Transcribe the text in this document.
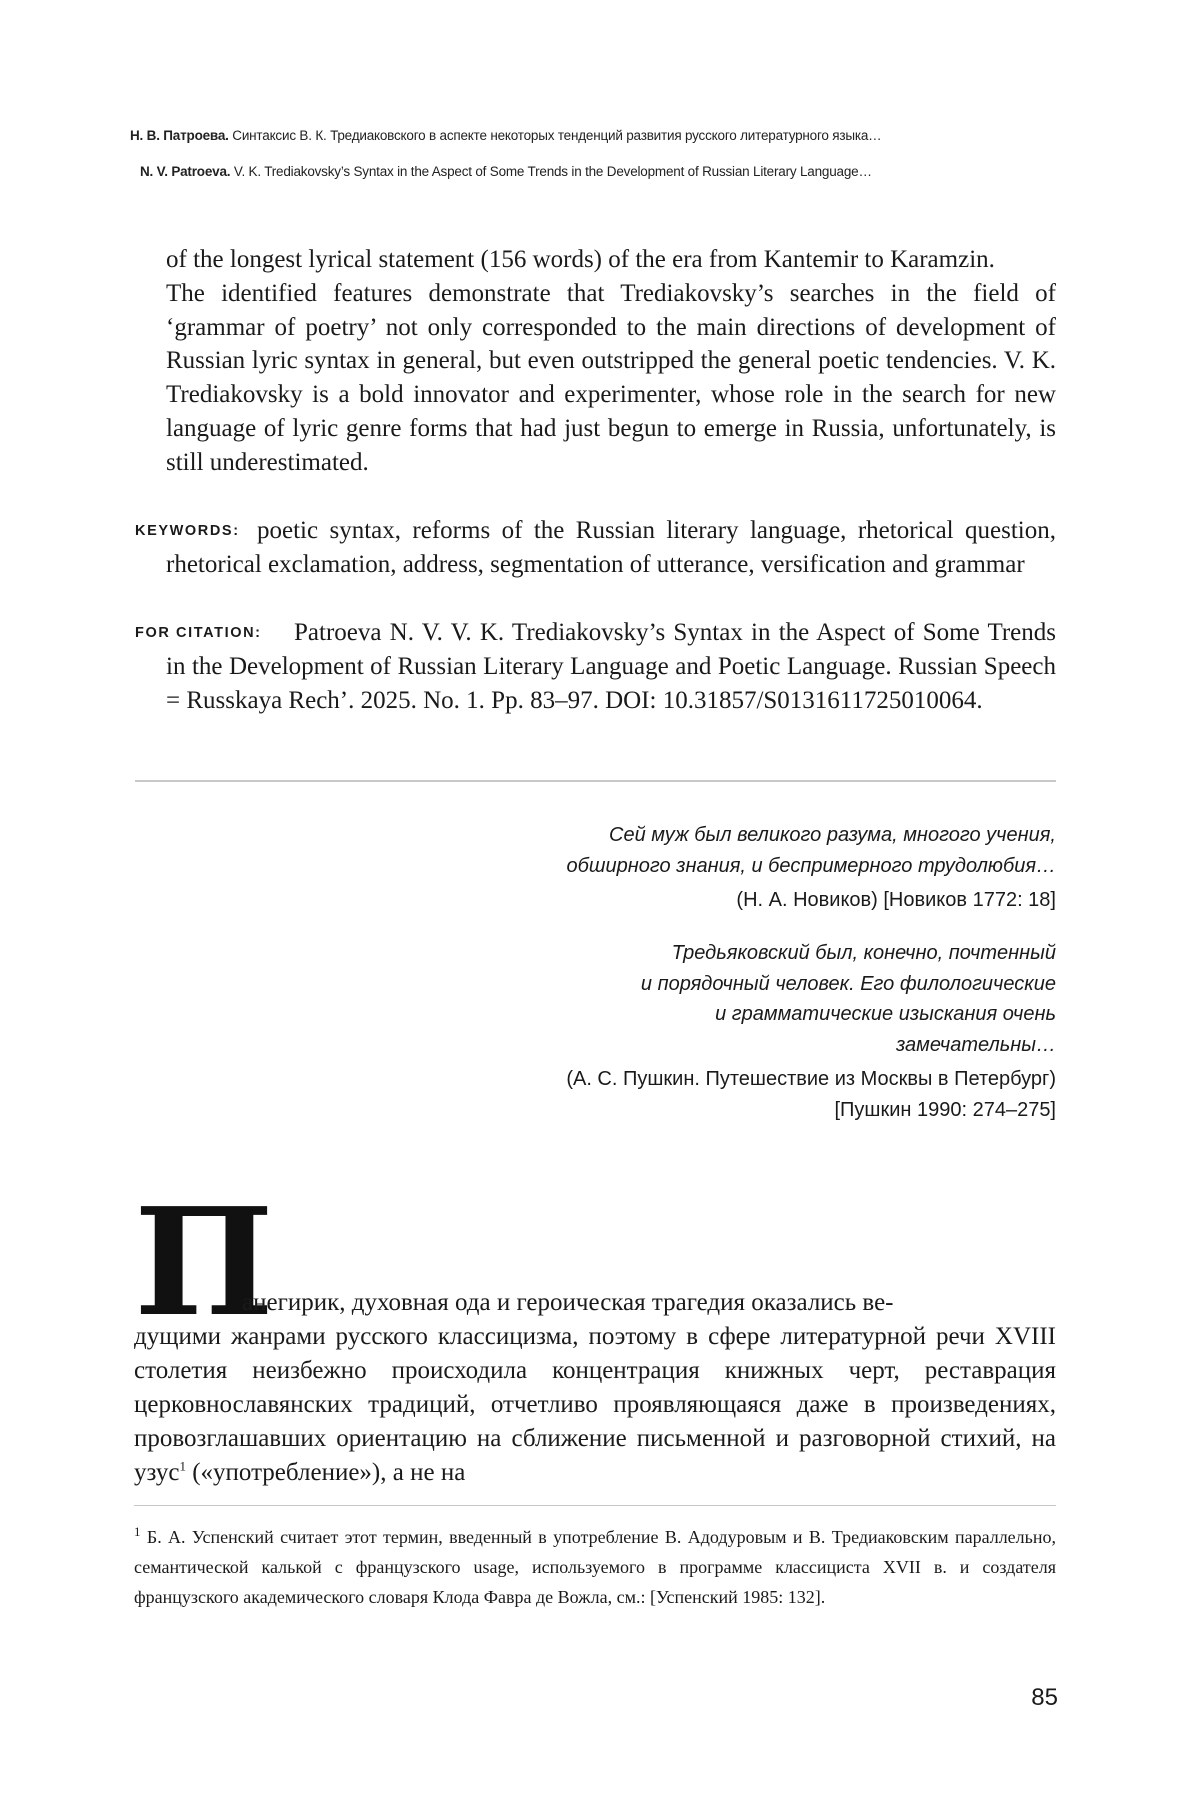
Н. В. Патроева. Синтаксис В. К. Тредиаковского в аспекте некоторых тенденций развития русского литературного языка…
N. V. Patroeva. V. K. Trediakovsky’s Syntax in the Aspect of Some Trends in the Development of Russian Literary Language…

of the longest lyrical statement (156 words) of the era from Kantemir to Karamzin.

The identified features demonstrate that Trediakovsky’s searches in the field of ‘grammar of poetry’ not only corresponded to the main directions of development of Russian lyric syntax in general, but even outstripped the general poetic tendencies. V. K. Trediakovsky is a bold innovator and experimenter, whose role in the search for new language of lyric genre forms that had just begun to emerge in Russia, unfortunately, is still underestimated.

KEYWORDS: poetic syntax, reforms of the Russian literary language, rhetorical question, rhetorical exclamation, address, segmentation of utterance, versification and grammar
FOR CITATION: Patroeva N. V. V. K. Trediakovsky’s Syntax in the Aspect of Some Trends in the Development of Russian Literary Language and Poetic Language. Russian Speech = Russkaya Rech’. 2025. No. 1. Pp. 83–97. DOI: 10.31857/S0131611725010064.

Сей муж был великого разума, многого учения,

обширного знания, и беспримерного трудолюбия…

(Н. А. Новиков) [Новиков 1772: 18]

Тредьяковский был, конечно, почтенный

и порядочный человек. Его филологические

и грамматические изыскания очень

замечательны…

(А. С. Пушкин. Путешествие из Москвы в Петербург)

[Пушкин 1990: 274–275]

П

анегирик, духовная ода и героическая трагедия оказались ве-

дущими жанрами русского классицизма, поэтому в сфере литературной речи XVIII столетия неизбежно происходила концентрация книжных черт, реставрация церковнославянских традиций, отчетливо проявляющаяся даже в произведениях, провозглашавших ориентацию на сближение письменной и разговорной стихий, на узус$^1$ («употребление»), а не на

$^1$ Б. А. Успенский считает этот термин, введенный в употребление В. Адодуровым и В. Тредиаковским параллельно, семантической калькой с французского usage, используемого в программе классициста XVII в. и создателя французского академического словаря Клода Фавра де Вожла, см.: [Успенский 1985: 132].
85
